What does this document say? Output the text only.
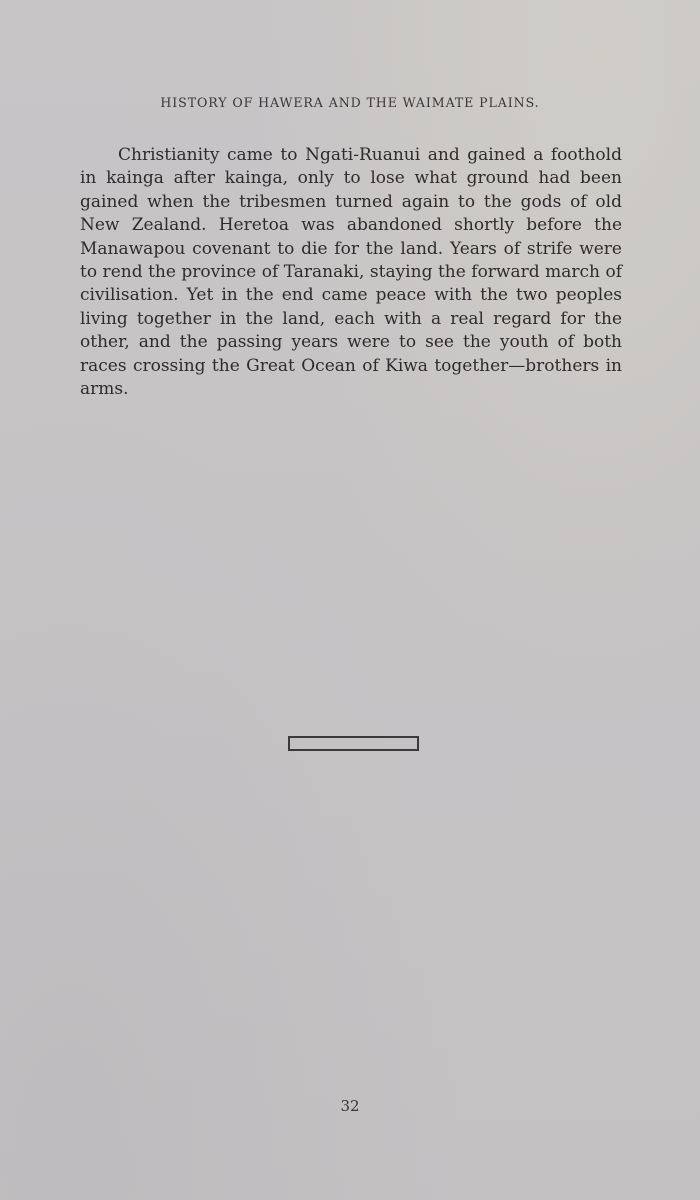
HISTORY OF HAWERA AND THE WAIMATE PLAINS.

Christianity came to Ngati-Ruanui and gained a foothold in kainga after kainga, only to lose what ground had been gained when the tribesmen turned again to the gods of old New Zealand. Heretoa was abandoned shortly before the Manawapou covenant to die for the land. Years of strife were to rend the province of Taranaki, staying the forward march of civilisation. Yet in the end came peace with the two peoples living together in the land, each with a real regard for the other, and the passing years were to see the youth of both races crossing the Great Ocean of Kiwa together—brothers in arms.

32
